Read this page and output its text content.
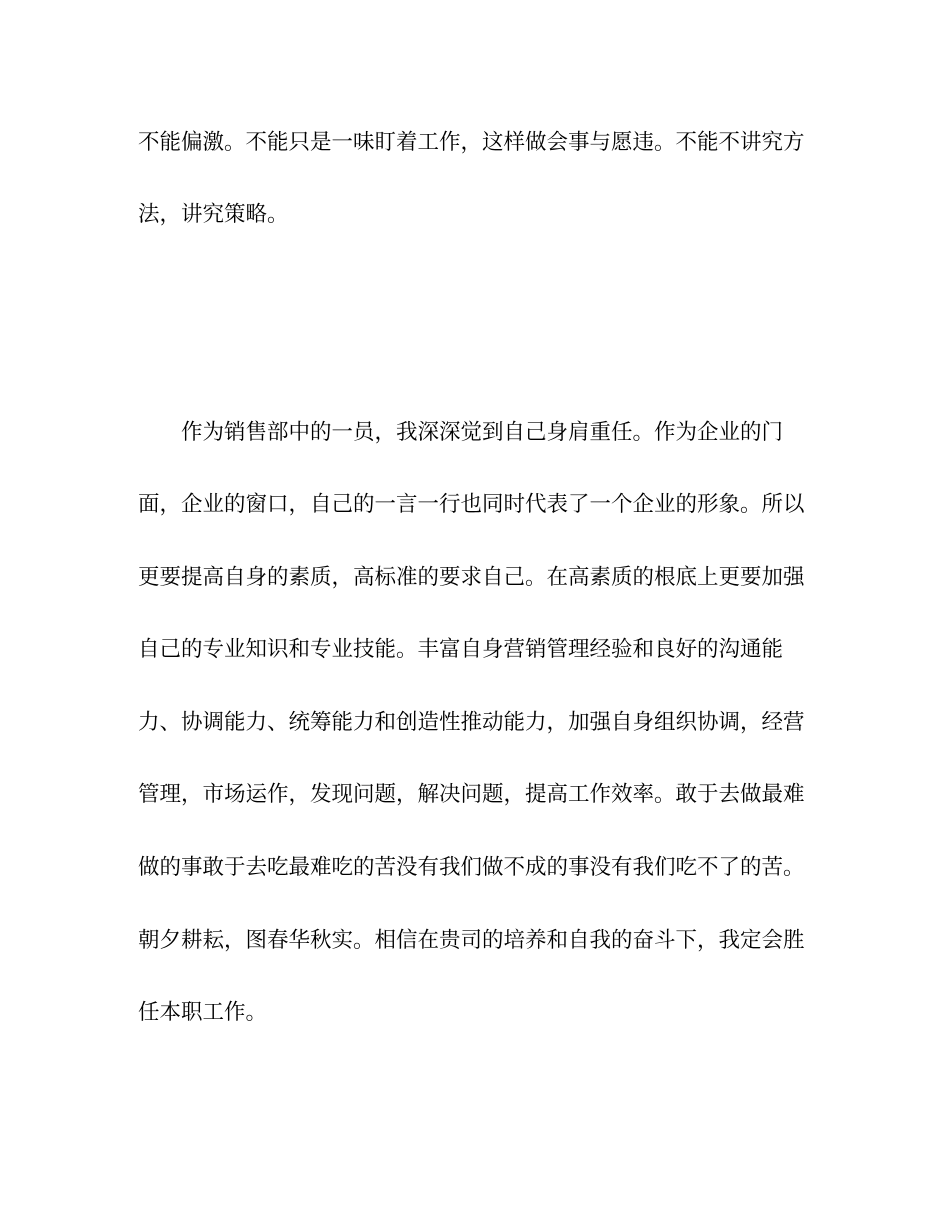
不能偏激。不能只是一味盯着工作，这样做会事与愿违。不能不讲究方
法，讲究策略。
作为销售部中的一员，我深深觉到自己身肩重任。作为企业的门
面，企业的窗口，自己的一言一行也同时代表了一个企业的形象。所以
更要提高自身的素质，高标准的要求自己。在高素质的根底上更要加强
自己的专业知识和专业技能。丰富自身营销管理经验和良好的沟通能
力、协调能力、统筹能力和创造性推动能力，加强自身组织协调，经营
管理，市场运作，发现问题，解决问题，提高工作效率。敢于去做最难
做的事敢于去吃最难吃的苦没有我们做不成的事没有我们吃不了的苦。
朝夕耕耘，图春华秋实。相信在贵司的培养和自我的奋斗下，我定会胜
任本职工作。
